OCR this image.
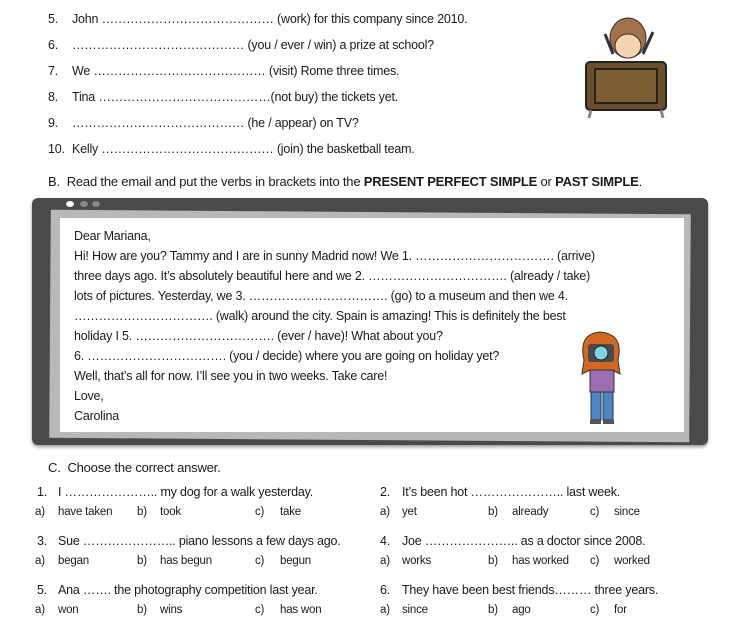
5. John …………………………………… (work) for this company since 2010.
6. …………………………………… (you / ever / win) a prize at school?
7. We …………………………………… (visit) Rome three times.
8. Tina ……………………………………(not buy) the tickets yet.
9. …………………………………… (he / appear) on TV?
10. Kelly …………………………………… (join) the basketball team.
B. Read the email and put the verbs in brackets into the PRESENT PERFECT SIMPLE or PAST SIMPLE.
Dear Mariana,
Hi! How are you? Tammy and I are in sunny Madrid now! We 1. ……………………………. (arrive)
three days ago. It’s absolutely beautiful here and we 2. ……………………………. (already / take)
lots of pictures. Yesterday, we 3. ……………………………. (go) to a museum and then we 4.
……………………………. (walk) around the city. Spain is amazing! This is definitely the best
holiday I 5. ……………………………. (ever / have)! What about you?
6. ……………………………. (you / decide) where you are going on holiday yet?
Well, that’s all for now. I’ll see you in two weeks. Take care!
Love,
Carolina
C. Choose the correct answer.
1. I ………………….. my dog for a walk yesterday.
a) have taken b) took	c) take
2. It’s been hot ………………….. last week.
a) yet	b) already	c) since
3. Sue ………………….. piano lessons a few days ago.
a) began	b) has begun	c) begun
4. Joe ………………….. as a doctor since 2008.
a) works	b) has worked c) worked
5. Ana ……. the photography competition last year.
a) won	b) wins	c) has won
6. They have been best friends……… three years.
a) since	b) ago	c) for
